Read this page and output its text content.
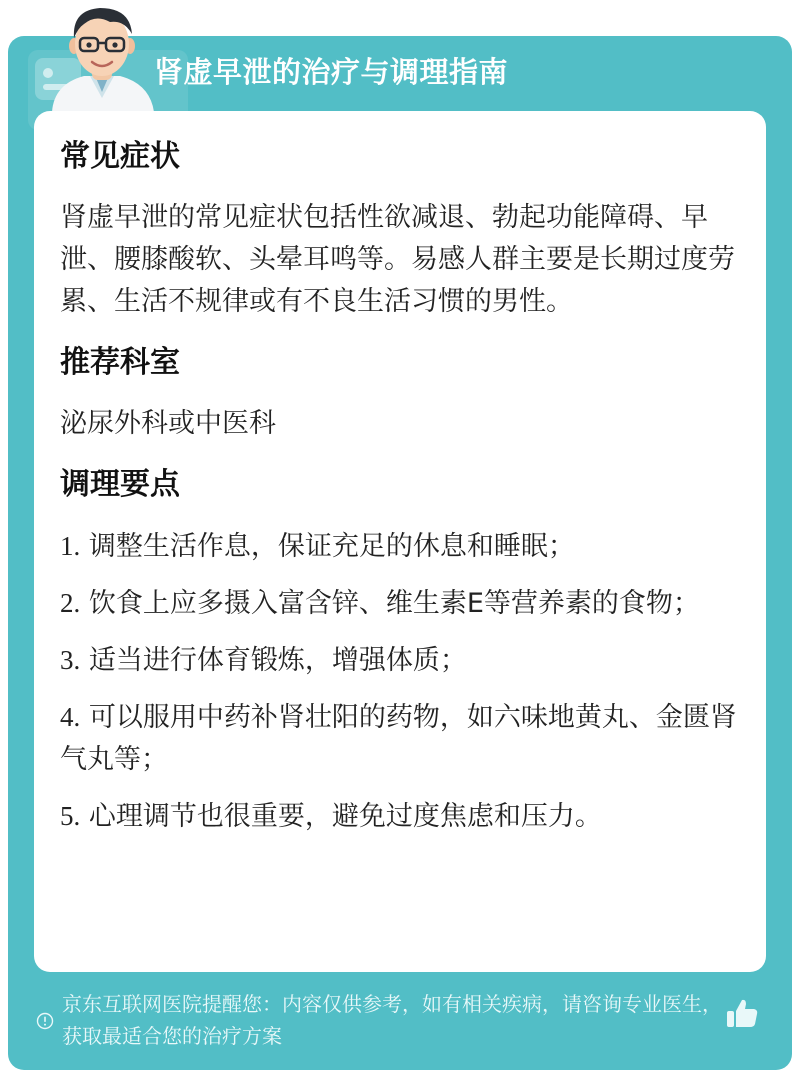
肾虚早泄的治疗与调理指南
常见症状

肾虚早泄的常见症状包括性欲减退、勃起功能障碍、早泄、腰膝酸软、头晕耳鸣等。易感人群主要是长期过度劳累、生活不规律或有不良生活习惯的男性。

推荐科室

泌尿外科或中医科

调理要点
1. 调整生活作息，保证充足的休息和睡眠；
2. 饮食上应多摄入富含锌、维生素E等营养素的食物；
3. 适当进行体育锻炼，增强体质；
4. 可以服用中药补肾壮阳的药物，如六味地黄丸、金匮肾气丸等；
5. 心理调节也很重要，避免过度焦虑和压力。
京东互联网医院提醒您：内容仅供参考，如有相关疾病，请咨询专业医生，获取最适合您的治疗方案
